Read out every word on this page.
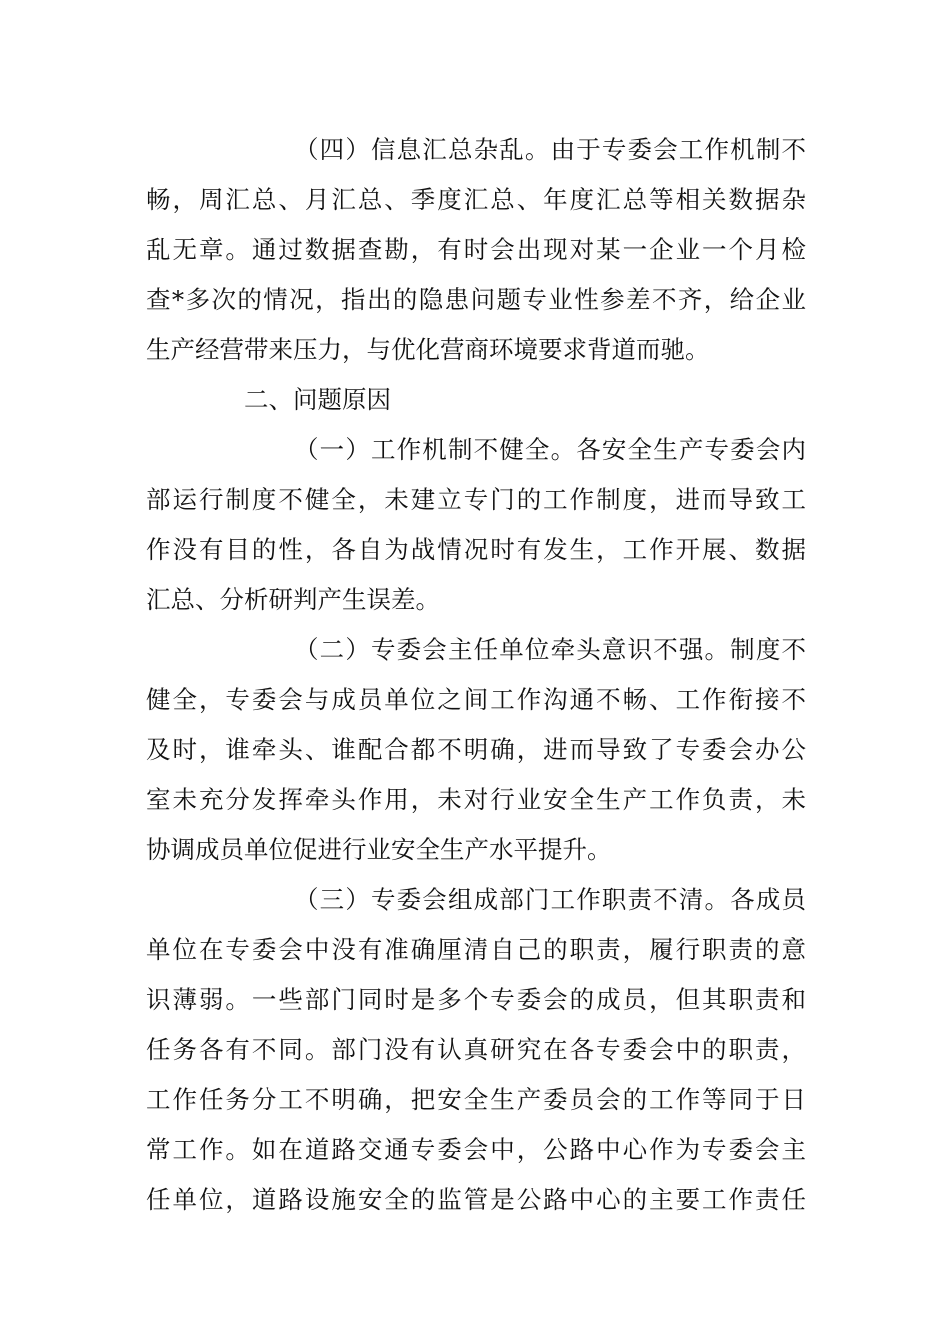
（四）信息汇总杂乱。由于专委会工作机制不
畅，周汇总、月汇总、季度汇总、年度汇总等相关数据杂
乱无章。通过数据查勘，有时会出现对某一企业一个月检
查*多次的情况，指出的隐患问题专业性参差不齐，给企业
生产经营带来压力，与优化营商环境要求背道而驰。
二、问题原因
（一）工作机制不健全。各安全生产专委会内
部运行制度不健全，未建立专门的工作制度，进而导致工
作没有目的性，各自为战情况时有发生，工作开展、数据
汇总、分析研判产生误差。
（二）专委会主任单位牵头意识不强。制度不
健全，专委会与成员单位之间工作沟通不畅、工作衔接不
及时，谁牵头、谁配合都不明确，进而导致了专委会办公
室未充分发挥牵头作用，未对行业安全生产工作负责，未
协调成员单位促进行业安全生产水平提升。
（三）专委会组成部门工作职责不清。各成员
单位在专委会中没有准确厘清自己的职责，履行职责的意
识薄弱。一些部门同时是多个专委会的成员，但其职责和
任务各有不同。部门没有认真研究在各专委会中的职责，
工作任务分工不明确，把安全生产委员会的工作等同于日
常工作。如在道路交通专委会中，公路中心作为专委会主
任单位，道路设施安全的监管是公路中心的主要工作责任
